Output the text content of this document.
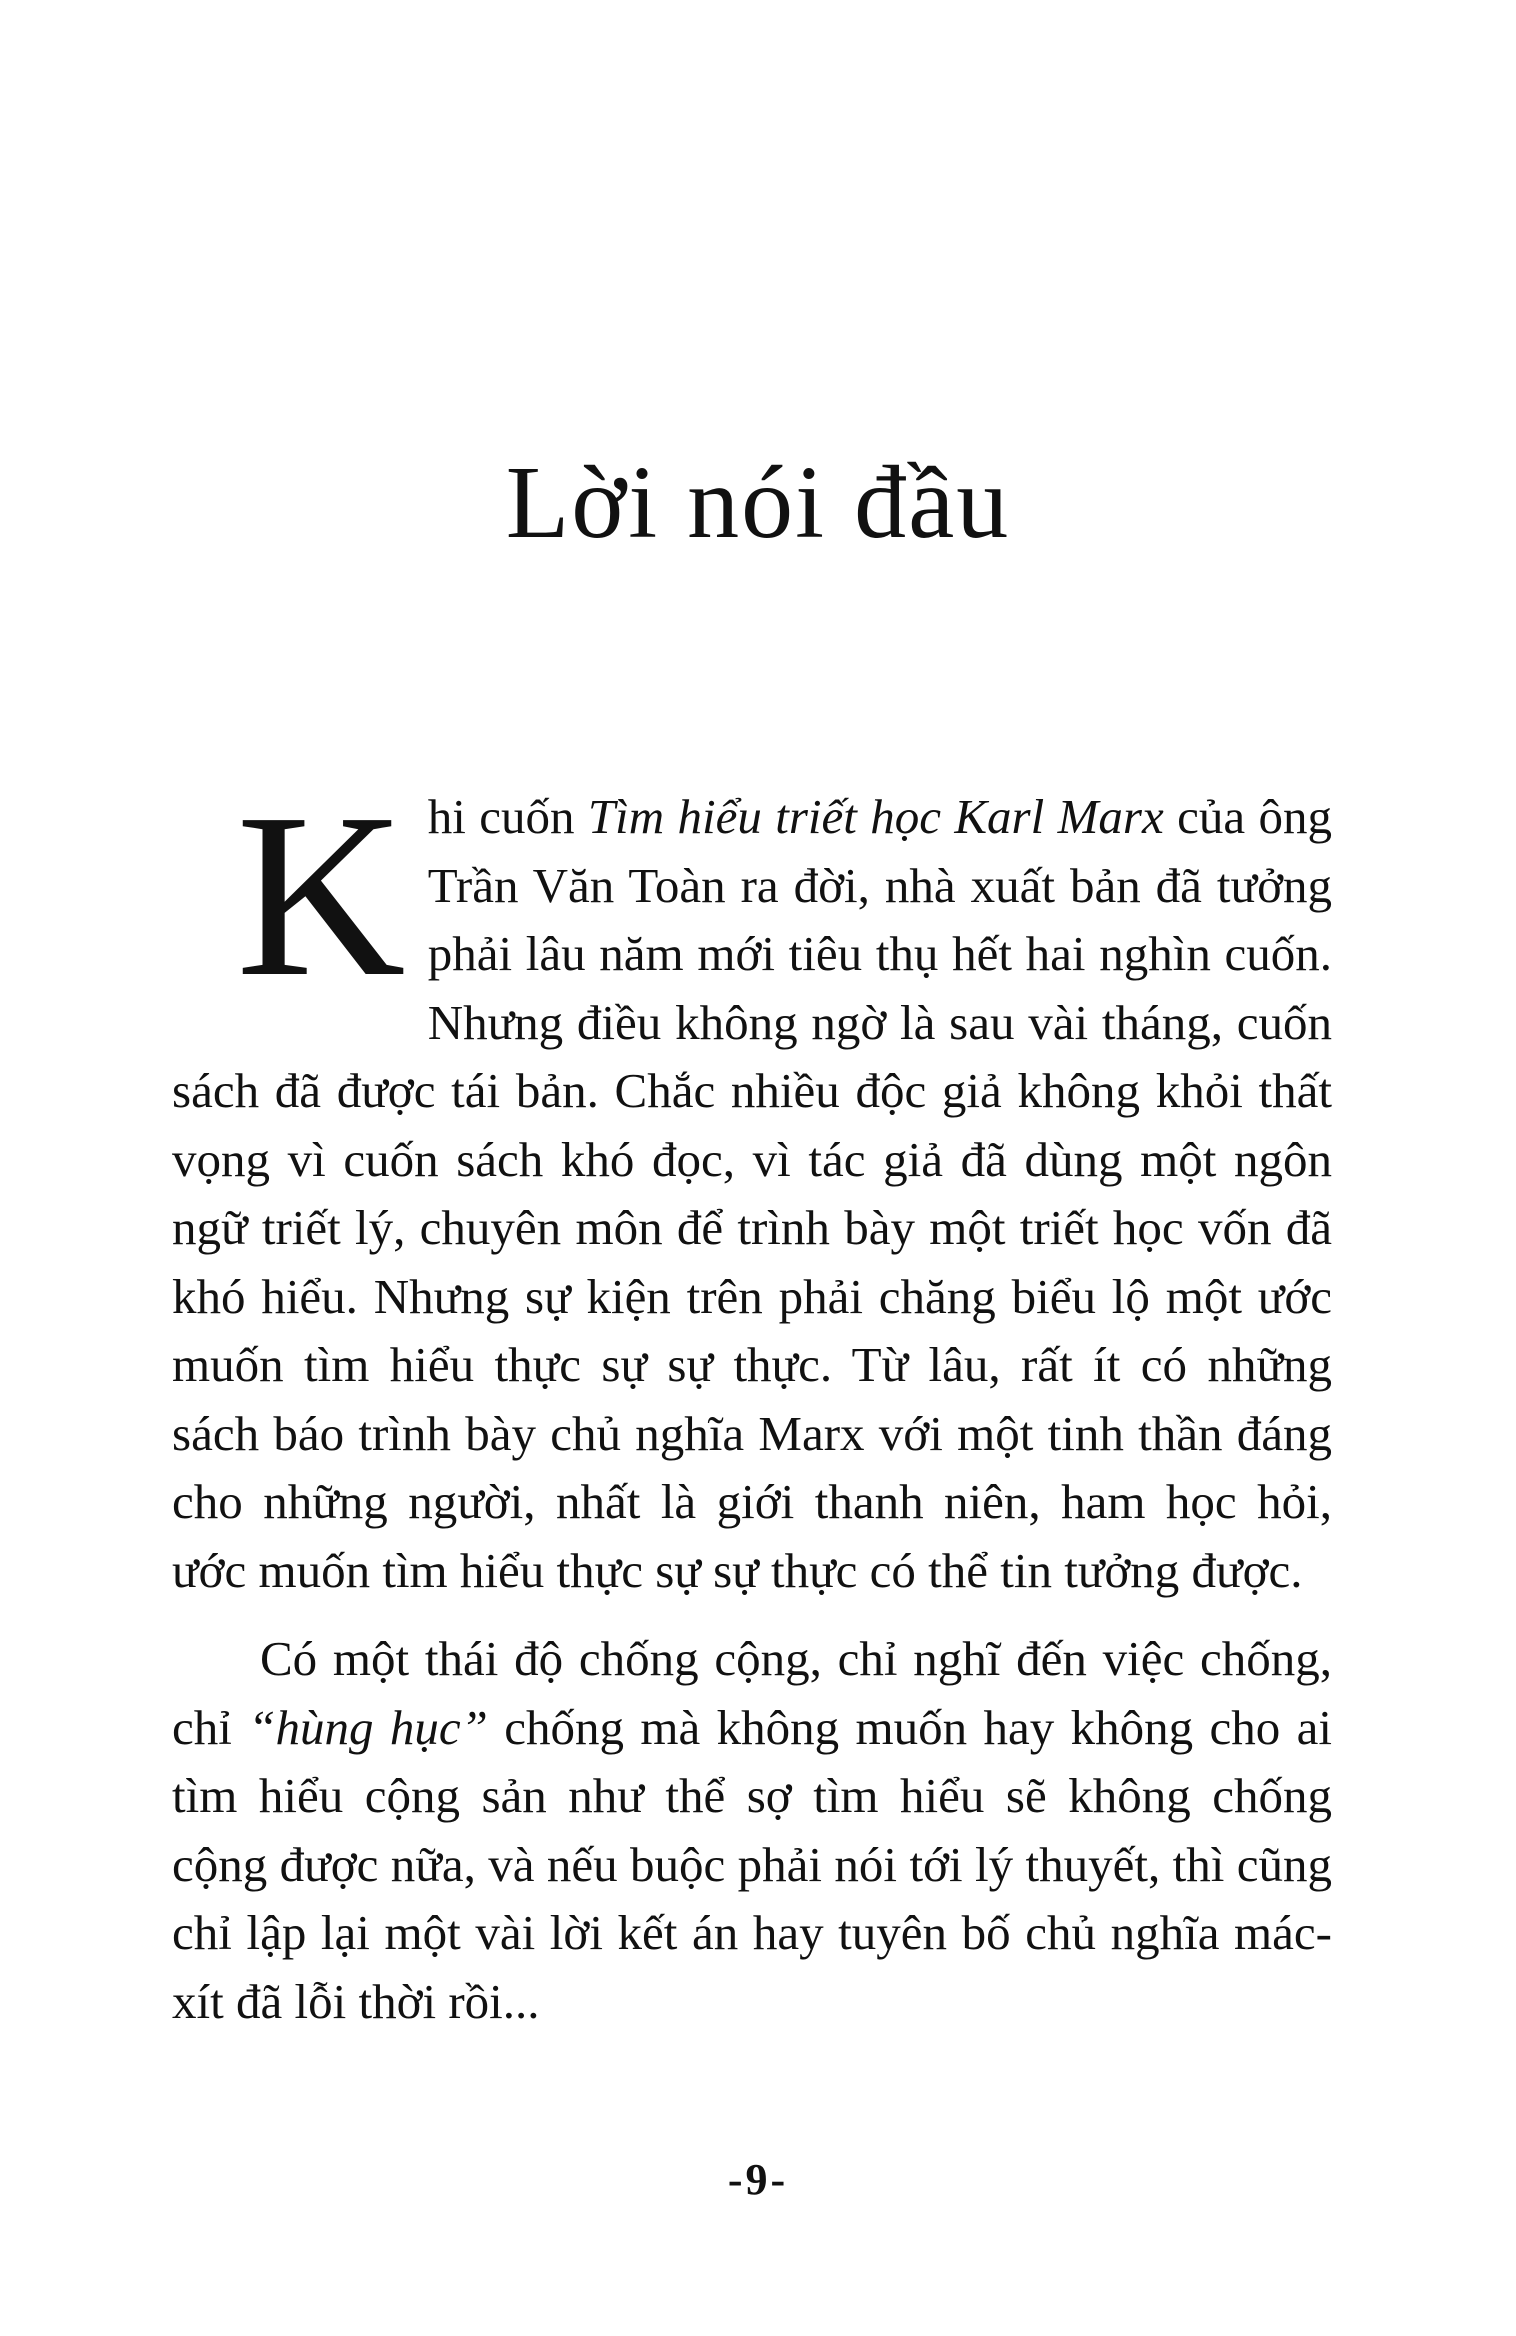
Lời nói đầu

Khi cuốn Tìm hiểu triết học Karl Marx của ông Trần Văn Toàn ra đời, nhà xuất bản đã tưởng phải lâu năm mới tiêu thụ hết hai nghìn cuốn. Nhưng điều không ngờ là sau vài tháng, cuốn sách đã được tái bản. Chắc nhiều độc giả không khỏi thất vọng vì cuốn sách khó đọc, vì tác giả đã dùng một ngôn ngữ triết lý, chuyên môn để trình bày một triết học vốn đã khó hiểu. Nhưng sự kiện trên phải chăng biểu lộ một ước muốn tìm hiểu thực sự sự thực. Từ lâu, rất ít có những sách báo trình bày chủ nghĩa Marx với một tinh thần đáng cho những người, nhất là giới thanh niên, ham học hỏi, ước muốn tìm hiểu thực sự sự thực có thể tin tưởng được.

Có một thái độ chống cộng, chỉ nghĩ đến việc chống, chỉ “hùng hục” chống mà không muốn hay không cho ai tìm hiểu cộng sản như thể sợ tìm hiểu sẽ không chống cộng được nữa, và nếu buộc phải nói tới lý thuyết, thì cũng chỉ lập lại một vài lời kết án hay tuyên bố chủ nghĩa mác-xít đã lỗi thời rồi...

-9-
